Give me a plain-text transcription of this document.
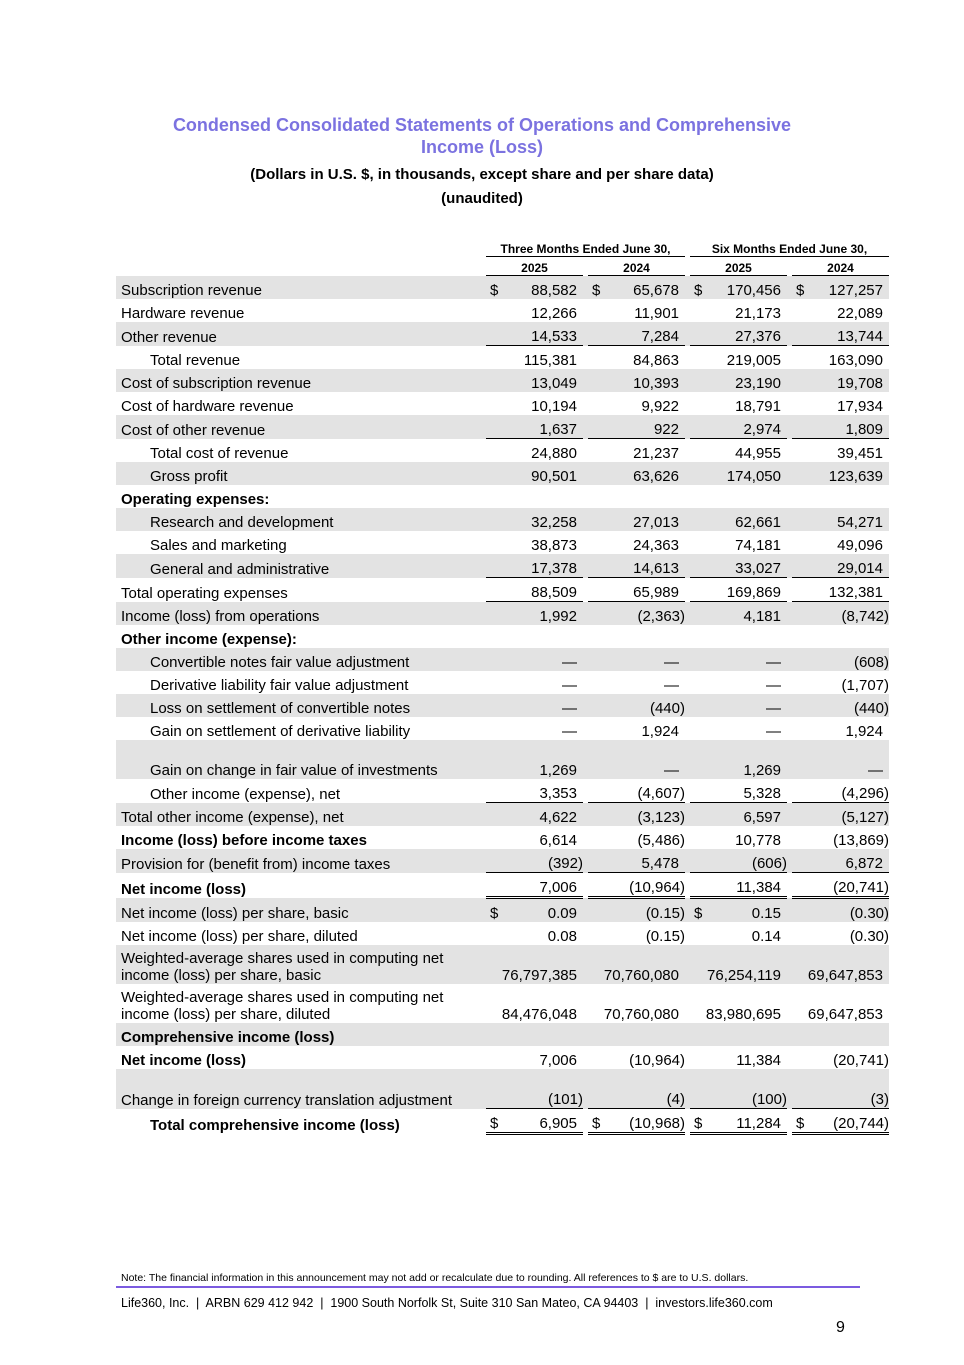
Condensed Consolidated Statements of Operations and Comprehensive
Income (Loss)
(Dollars in U.S. $, in thousands, except share and per share data)
(unaudited)
	Three Months Ended June 30,				Six Months Ended June 30,		
	2025		2024		2025		2024
Subscription revenue	$ 88,582		$ 65,678		$ 170,456		$ 127,257

Hardware revenue	12,266		11,901		21,173		22,089

Other revenue	14,533		7,284		27,376		13,744

Total revenue	115,381		84,863		219,005		163,090

Cost of subscription revenue	13,049		10,393		23,190		19,708

Cost of hardware revenue	10,194		9,922		18,791		17,934

Cost of other revenue	1,637		922		2,974		1,809

Total cost of revenue	24,880		21,237		44,955		39,451

Gross profit	90,501		63,626		174,050		123,639

Operating expenses:	

Research and development	32,258		27,013		62,661		54,271

Sales and marketing	38,873		24,363		74,181		49,096

General and administrative	17,378		14,613		33,027		29,014

Total operating expenses	88,509		65,989		169,869		132,381

Income (loss) from operations	1,992		(2,363)		4,181		(8,742)

Other income (expense):	

Convertible notes fair value adjustment	—		—		—		(608)

Derivative liability fair value adjustment	—		—		—		(1,707)

Loss on settlement of convertible notes	—		(440)		—		(440)

Gain on settlement of derivative liability	—		1,924		—		1,924

Gain on change in fair value of investments	1,269		—		1,269		—

Other income (expense), net	3,353		(4,607)		5,328		(4,296)

Total other income (expense), net	4,622		(3,123)		6,597		(5,127)

Income (loss) before income taxes	6,614		(5,486)		10,778		(13,869)

Provision for (benefit from) income taxes	(392)		5,478		(606)		6,872

Net income (loss)	7,006		(10,964)		11,384		(20,741)

Net income (loss) per share, basic	$ 0.09		(0.15)		$ 0.15		(0.30)

Net income (loss) per share, diluted	0.08		(0.15)		0.14		(0.30)

Weighted-average shares used in computing net income (loss) per share, basic	76,797,385		70,760,080		76,254,119		69,647,853

Weighted-average shares used in computing net income (loss) per share, diluted	84,476,048		70,760,080		83,980,695		69,647,853

Comprehensive income (loss)	

Net income (loss)	7,006		(10,964)		11,384		(20,741)

Change in foreign currency translation adjustment	(101)		(4)		(100)		(3)

Total comprehensive income (loss)	$ 6,905		$ (10,968)		$ 11,284		$ (20,744)
Note: The financial information in this announcement may not add or recalculate due to rounding. All references to $ are to U.S. dollars.
Life360, Inc.  |  ARBN 629 412 942  |  1900 South Norfolk St, Suite 310 San Mateo, CA 94403  |  investors.life360.com
9
